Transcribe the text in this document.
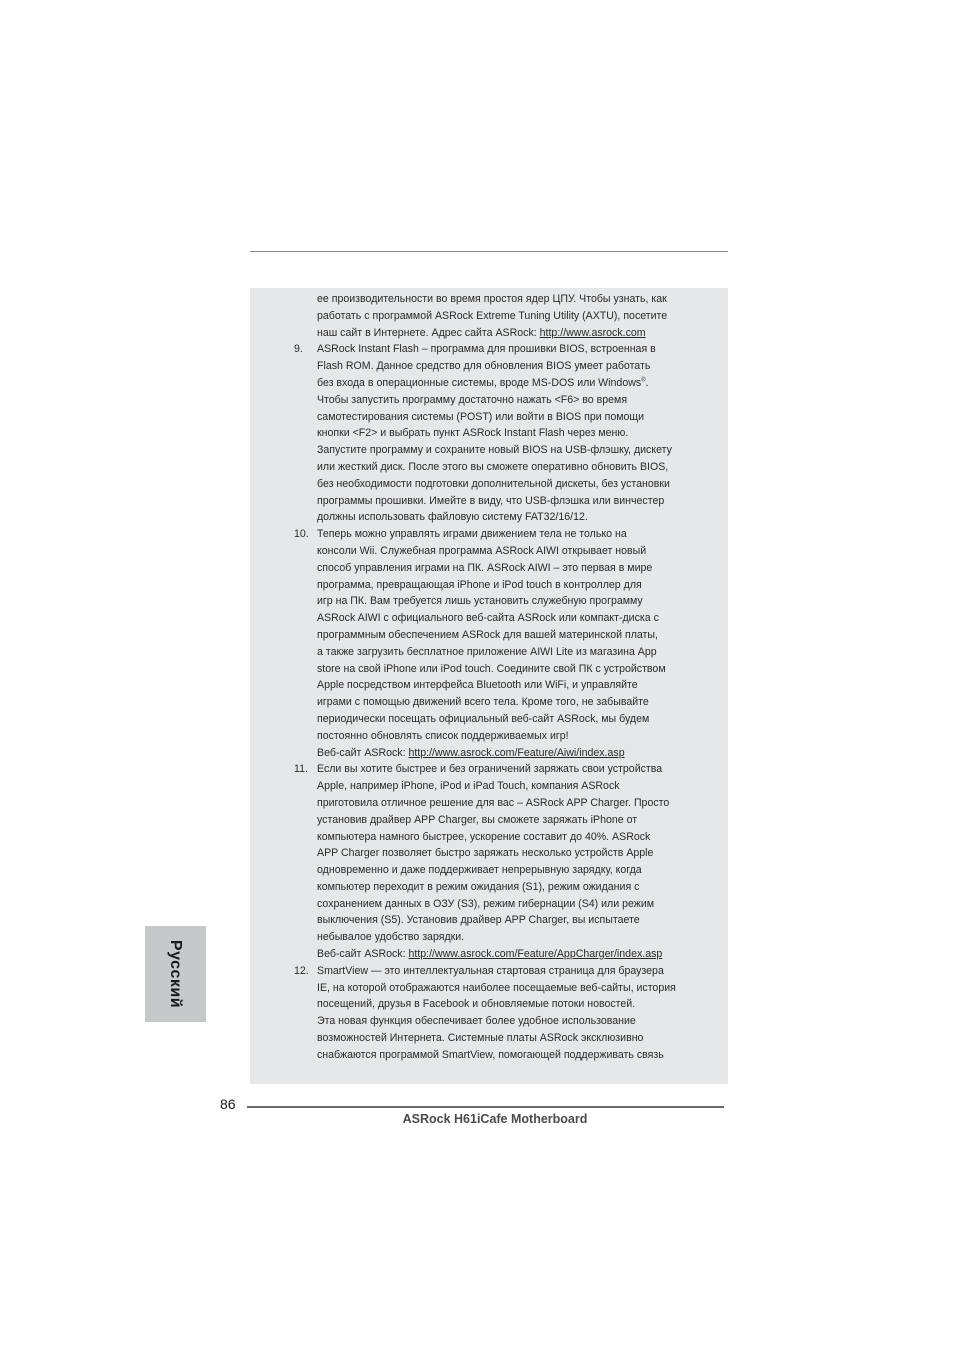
ее производительности во время простоя ядер ЦПУ. Чтобы узнать, как
работать с программой ASRock Extreme Tuning Utility (AXTU), посетите
наш сайт в Интернете. Адрес сайта ASRock: http://www.asrock.com
9. ASRock Instant Flash – программа для прошивки BIOS, встроенная в
Flash ROM. Данное средство для обновления BIOS умеет работать
без входа в операционные системы, вроде MS-DOS или Windows®.
Чтобы запустить программу достаточно нажать <F6> во время
самотестирования системы (POST) или войти в BIOS при помощи
кнопки <F2> и выбрать пункт ASRock Instant Flash через меню.
Запустите программу и сохраните новый BIOS на USB-флэшку, дискету
или жесткий диск. После этого вы сможете оперативно обновить BIOS,
без необходимости подготовки дополнительной дискеты, без установки
программы прошивки. Имейте в виду, что USB-флэшка или винчестер
должны использовать файловую систему FAT32/16/12.
10. Теперь можно управлять играми движением тела не только на
консоли Wii. Служебная программа ASRock AIWI открывает новый
способ управления играми на ПК. ASRock AIWI – это первая в мире
программа, превращающая iPhone и iPod touch в контроллер для
игр на ПК. Вам требуется лишь установить служебную программу
ASRock AIWI с официального веб-сайта ASRock или компакт-диска с
программным обеспечением ASRock для вашей материнской платы,
а также загрузить бесплатное приложение AIWI Lite из магазина App
store на свой iPhone или iPod touch. Соедините свой ПК с устройством
Apple посредством интерфейса Bluetooth или WiFi, и управляйте
играми с помощью движений всего тела. Кроме того, не забывайте
периодически посещать официальный веб-сайт ASRock, мы будем
постоянно обновлять список поддерживаемых игр!
Веб-сайт ASRock: http://www.asrock.com/Feature/Aiwi/index.asp
11. Если вы хотите быстрее и без ограничений заряжать свои устройства
Apple, например iPhone, iPod и iPad Touch, компания ASRock
приготовила отличное решение для вас – ASRock APP Charger. Просто
установив драйвер APP Charger, вы сможете заряжать iPhone от
компьютера намного быстрее, ускорение составит до 40%. ASRock
APP Charger позволяет быстро заряжать несколько устройств Apple
одновременно и даже поддерживает непрерывную зарядку, когда
компьютер переходит в режим ожидания (S1), режим ожидания с
сохранением данных в ОЗУ (S3), режим гибернации (S4) или режим
выключения (S5). Установив драйвер APP Charger, вы испытаете
небывалое удобство зарядки.
Веб-сайт ASRock: http://www.asrock.com/Feature/AppCharger/index.asp
12. SmartView — это интеллектуальная стартовая страница для браузера
IE, на которой отображаются наиболее посещаемые веб-сайты, история
посещений, друзья в Facebook и обновляемые потоки новостей.
Эта новая функция обеспечивает более удобное использование
возможностей Интернета. Системные платы ASRock эксклюзивно
снабжаются программой SmartView, помогающей поддерживать связь
Русский
86
ASRock H61iCafe Motherboard
